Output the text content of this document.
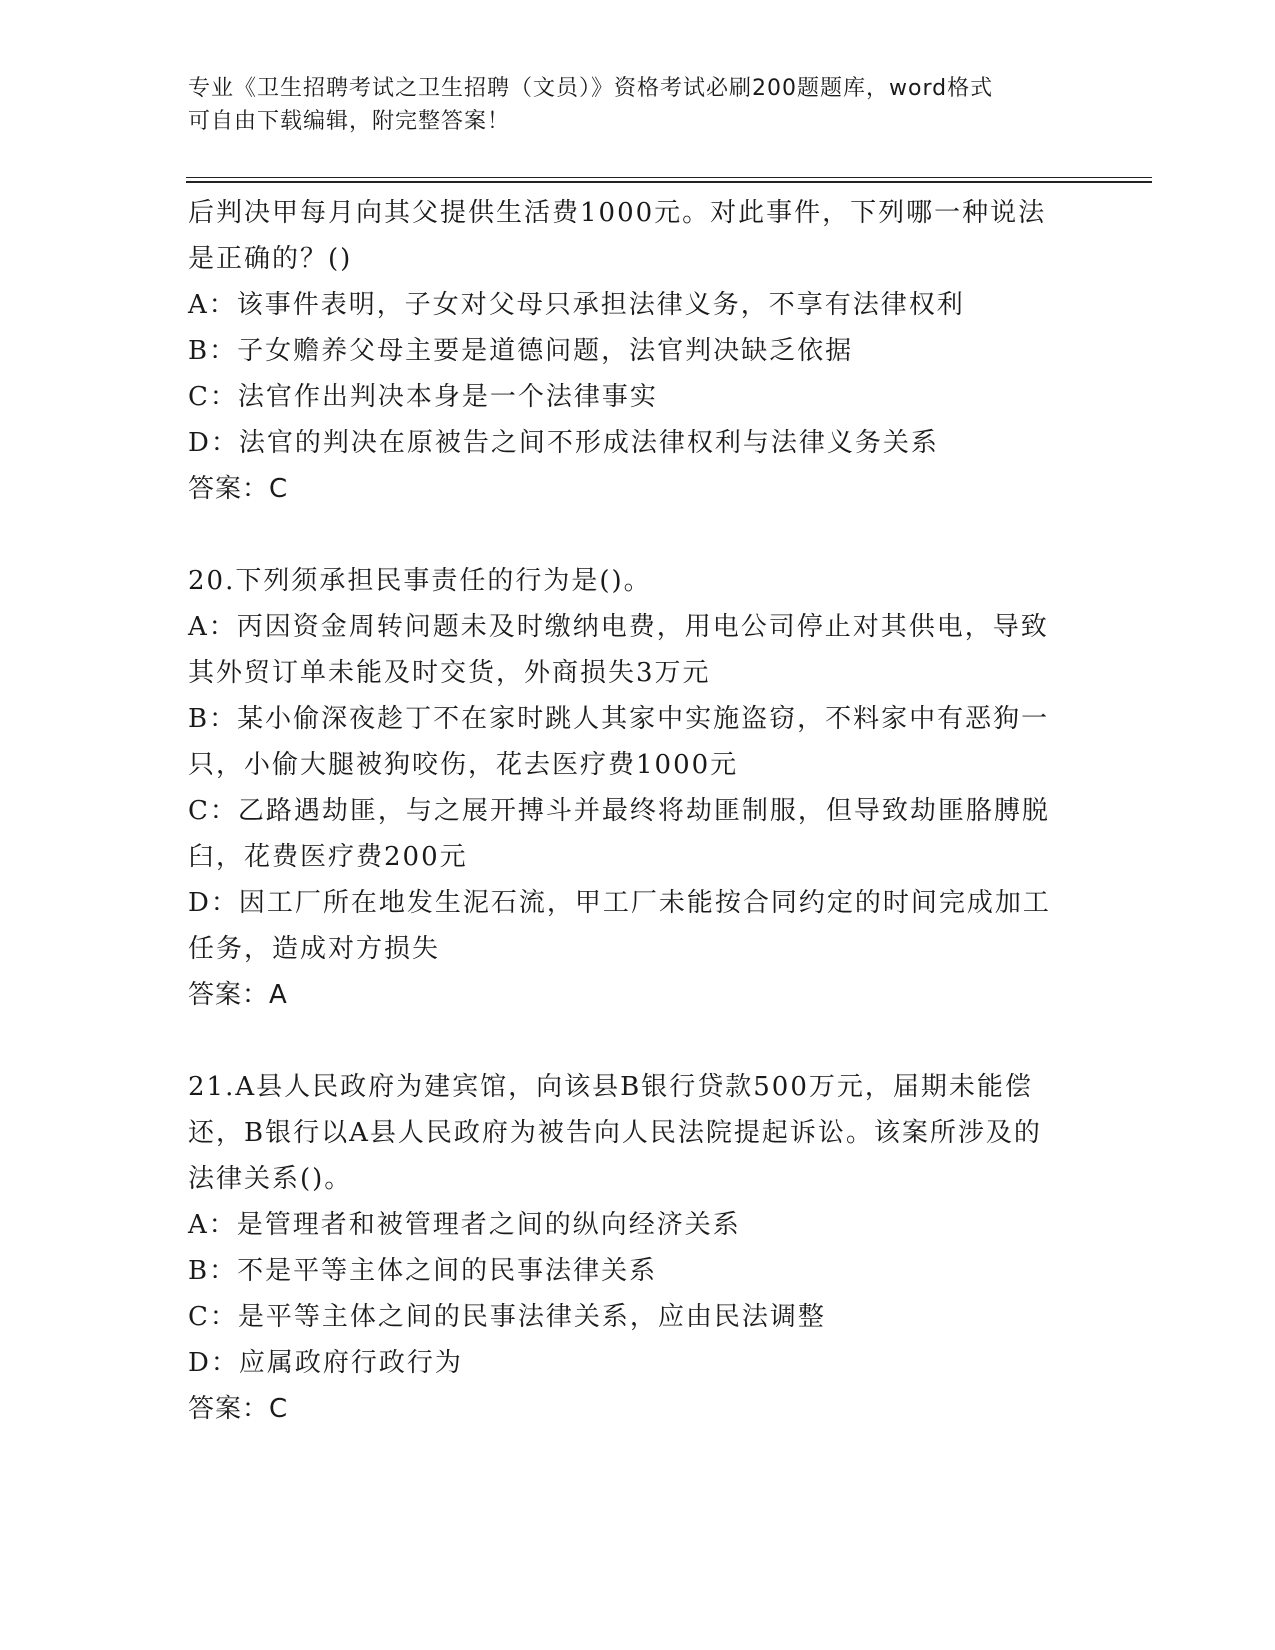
专业《卫生招聘考试之卫生招聘（文员）》资格考试必刷200题题库，word格式
可自由下载编辑，附完整答案！
后判决甲每月向其父提供生活费1000元。对此事件，下列哪一种说法
是正确的？()
A：该事件表明，子女对父母只承担法律义务，不享有法律权利
B：子女赡养父母主要是道德问题，法官判决缺乏依据
C：法官作出判决本身是一个法律事实
D：法官的判决在原被告之间不形成法律权利与法律义务关系
答案：C
20.下列须承担民事责任的行为是()。
A：丙因资金周转问题未及时缴纳电费，用电公司停止对其供电，导致
其外贸订单未能及时交货，外商损失3万元
B：某小偷深夜趁丁不在家时跳人其家中实施盗窃，不料家中有恶狗一
只，小偷大腿被狗咬伤，花去医疗费1000元
C：乙路遇劫匪，与之展开搏斗并最终将劫匪制服，但导致劫匪胳膊脱
臼，花费医疗费200元
D：因工厂所在地发生泥石流，甲工厂未能按合同约定的时间完成加工
任务，造成对方损失
答案：A
21.A县人民政府为建宾馆，向该县B银行贷款500万元，届期未能偿
还，B银行以A县人民政府为被告向人民法院提起诉讼。该案所涉及的
法律关系()。
A：是管理者和被管理者之间的纵向经济关系
B：不是平等主体之间的民事法律关系
C：是平等主体之间的民事法律关系，应由民法调整
D：应属政府行政行为
答案：C
